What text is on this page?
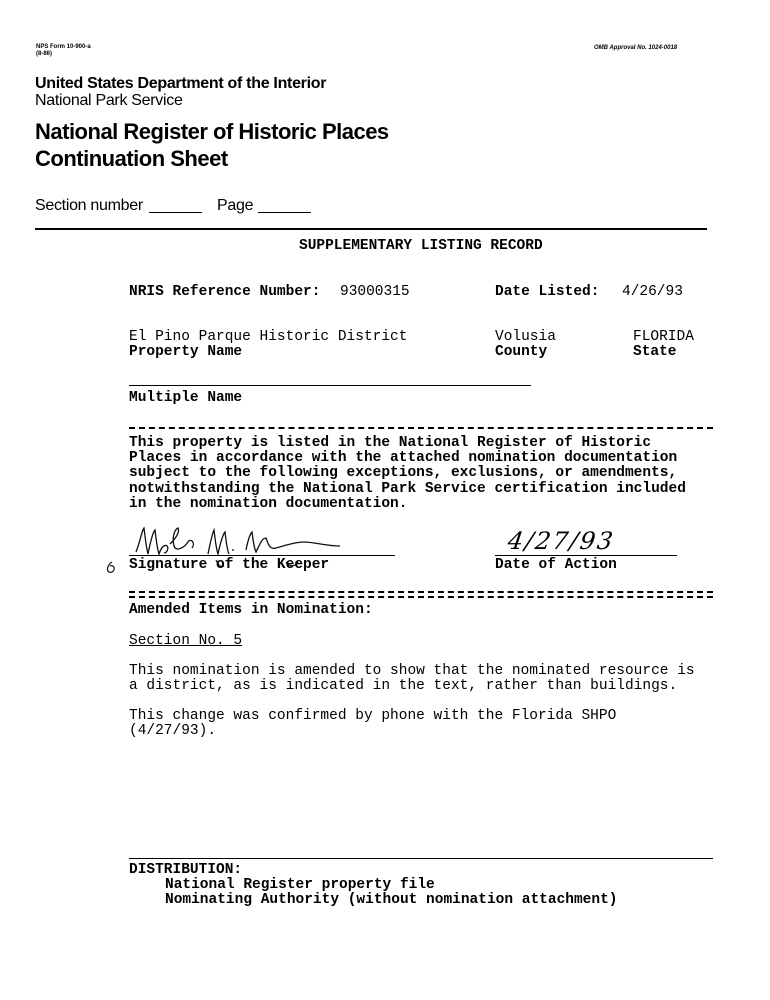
NPS Form 10-900-a
(8-86)
OMB Approval No. 1024-0018
United States Department of the Interior
National Park Service
National Register of Historic Places
Continuation Sheet
Section number	Page
SUPPLEMENTARY LISTING RECORD
NRIS Reference Number: 93000315	Date Listed: 4/26/93
El Pino Parque Historic District
Property Name
Volusia
County
FLORIDA
State
Multiple Name
This property is listed in the National Register of Historic
Places in accordance with the attached nomination documentation
subject to the following exceptions, exclusions, or amendments,
notwithstanding the National Park Service certification included
in the nomination documentation.
Signature of the Keeper
4/27/93
Date of Action
Amended Items in Nomination:
Section No. 5
This nomination is amended to show that the nominated resource is
a district, as is indicated in the text, rather than buildings.
This change was confirmed by phone with the Florida SHPO
(4/27/93).
DISTRIBUTION:
National Register property file
Nominating Authority (without nomination attachment)
